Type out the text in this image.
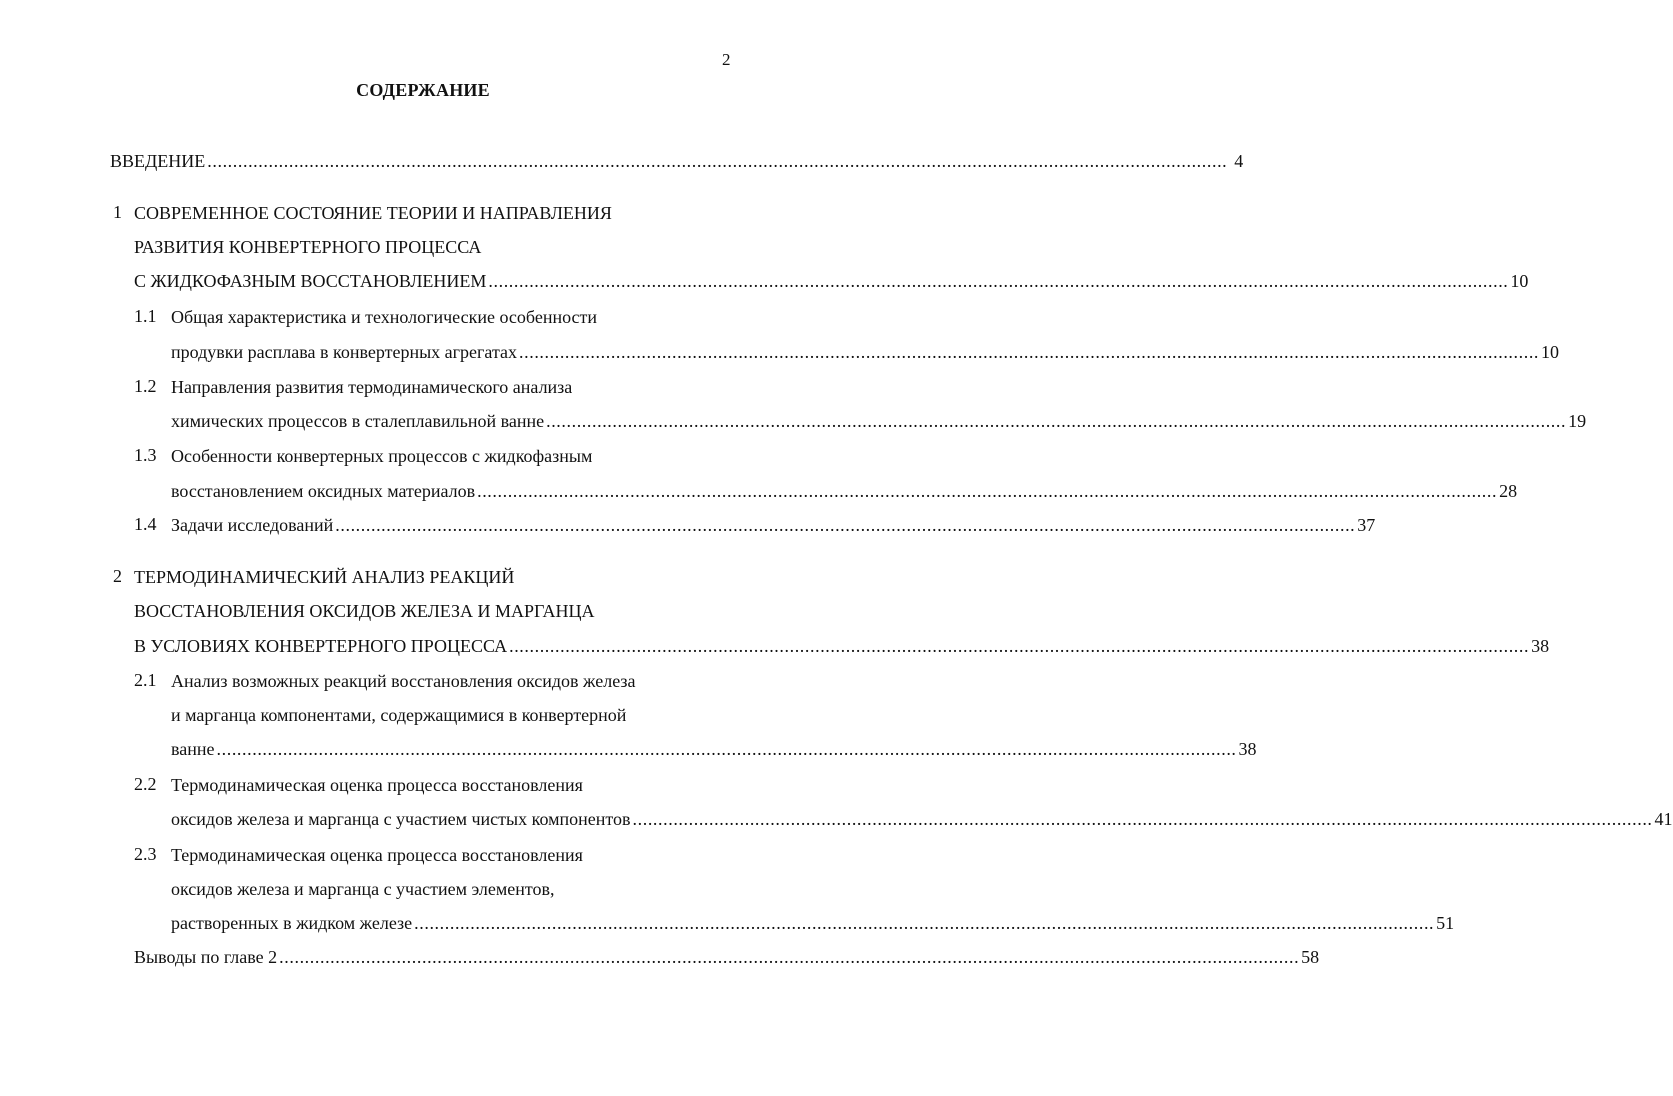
2
СОДЕРЖАНИЕ
ВВЕДЕНИЕ ........................................................................................................................................................................................................ 4
1 СОВРЕМЕННОЕ СОСТОЯНИЕ ТЕОРИИ И НАПРАВЛЕНИЯ
РАЗВИТИЯ КОНВЕРТЕРНОГО ПРОЦЕССА
С ЖИДКОФАЗНЫМ ВОССТАНОВЛЕНИЕМ ........................................................................................................................................................................................................ 10
1.1 Общая характеристика и технологические особенности
продувки расплава в конвертерных агрегатах ........................................................................................................................................................................................................ 10
1.2 Направления развития термодинамического анализа
химических процессов в сталеплавильной ванне ........................................................................................................................................................................................................ 19
1.3 Особенности конвертерных процессов с жидкофазным
восстановлением оксидных материалов ........................................................................................................................................................................................................ 28
1.4 Задачи исследований ........................................................................................................................................................................................................ 37
2 ТЕРМОДИНАМИЧЕСКИЙ АНАЛИЗ РЕАКЦИЙ
ВОССТАНОВЛЕНИЯ ОКСИДОВ ЖЕЛЕЗА И МАРГАНЦА
В УСЛОВИЯХ КОНВЕРТЕРНОГО ПРОЦЕССА ........................................................................................................................................................................................................ 38
2.1 Анализ возможных реакций восстановления оксидов железа
и марганца компонентами, содержащимися в конвертерной
ванне ........................................................................................................................................................................................................ 38
2.2 Термодинамическая оценка процесса восстановления
оксидов железа и марганца с участием чистых компонентов ........................................................................................................................................................................................................ 41
2.3 Термодинамическая оценка процесса восстановления
оксидов железа и марганца с участием элементов,
растворенных в жидком железе ........................................................................................................................................................................................................ 51
Выводы по главе 2 ........................................................................................................................................................................................................ 58
